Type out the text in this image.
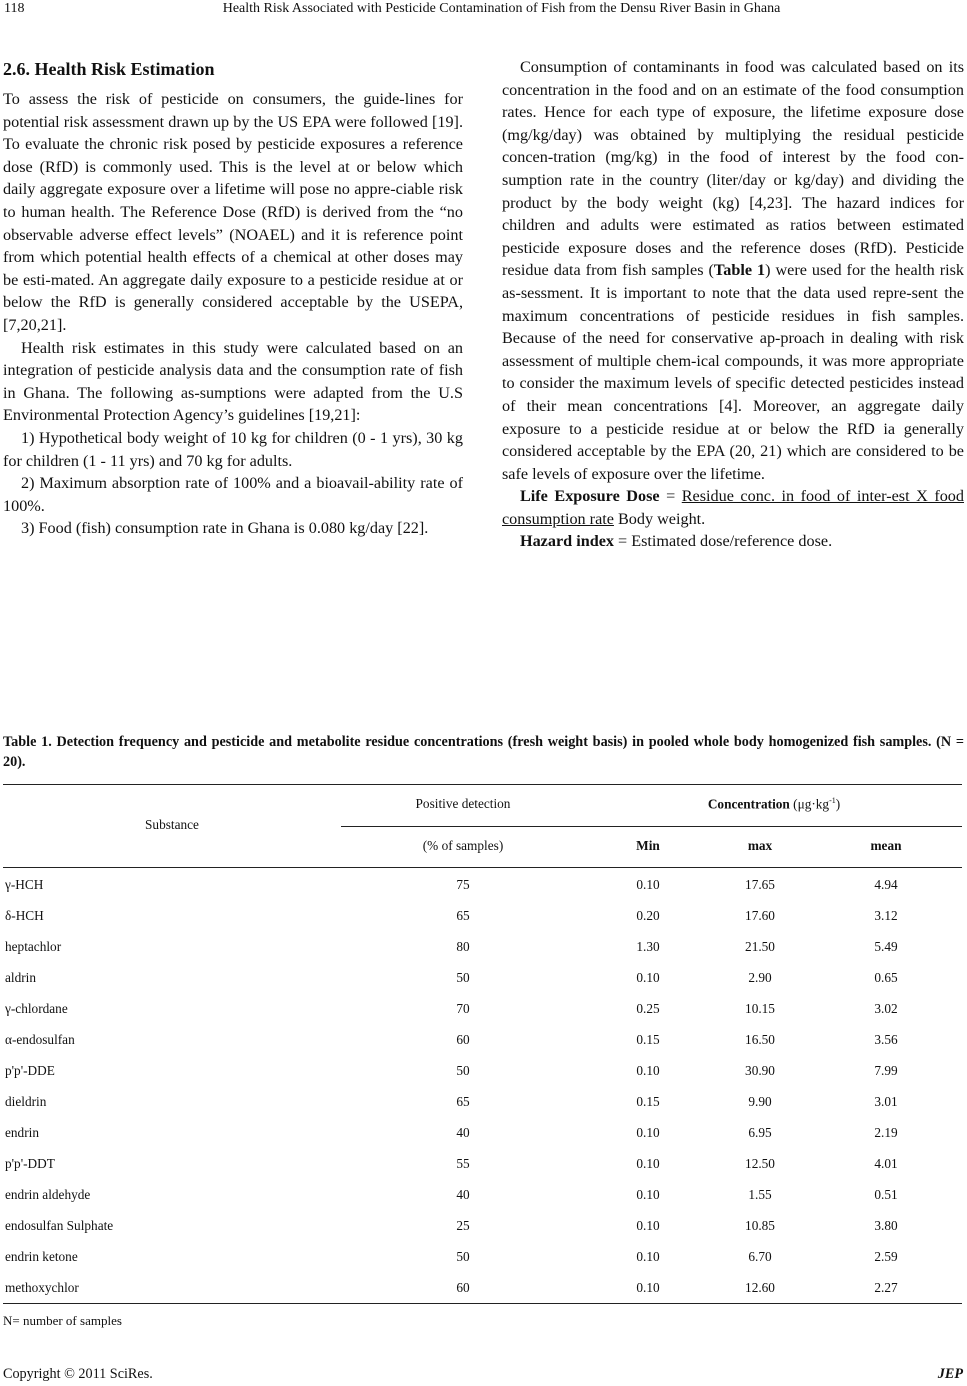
118	Health Risk Associated with Pesticide Contamination of Fish from the Densu River Basin in Ghana
2.6. Health Risk Estimation

To assess the risk of pesticide on consumers, the guide-lines for potential risk assessment drawn up by the US EPA were followed [19]. To evaluate the chronic risk posed by pesticide exposures a reference dose (RfD) is commonly used. This is the level at or below which daily aggregate exposure over a lifetime will pose no appre-ciable risk to human health. The Reference Dose (RfD) is derived from the “no observable adverse effect levels” (NOAEL) and it is reference point from which potential health effects of a chemical at other doses may be esti-mated. An aggregate daily exposure to a pesticide residue at or below the RfD is generally considered acceptable by the USEPA, [7,20,21].

Health risk estimates in this study were calculated based on an integration of pesticide analysis data and the consumption rate of fish in Ghana. The following as-sumptions were adapted from the U.S Environmental Protection Agency’s guidelines [19,21]:

1) Hypothetical body weight of 10 kg for children (0 - 1 yrs), 30 kg for children (1 - 11 yrs) and 70 kg for adults.

2) Maximum absorption rate of 100% and a bioavail-ability rate of 100%.

3) Food (fish) consumption rate in Ghana is 0.080 kg/day [22].

Consumption of contaminants in food was calculated based on its concentration in the food and on an estimate of the food consumption rates. Hence for each type of exposure, the lifetime exposure dose (mg/kg/day) was obtained by multiplying the residual pesticide concen-tration (mg/kg) in the food of interest by the food con-sumption rate in the country (liter/day or kg/day) and dividing the product by the body weight (kg) [4,23]. The hazard indices for children and adults were estimated as ratios between estimated pesticide exposure doses and the reference doses (RfD). Pesticide residue data from fish samples (Table 1) were used for the health risk as-sessment. It is important to note that the data used repre-sent the maximum concentrations of pesticide residues in fish samples. Because of the need for conservative ap-proach in dealing with risk assessment of multiple chem-ical compounds, it was more appropriate to consider the maximum levels of specific detected pesticides instead of their mean concentrations [4]. Moreover, an aggregate daily exposure to a pesticide residue at or below the RfD ia generally considered acceptable by the EPA (20, 21) which are considered to be safe levels of exposure over the lifetime.

Life Exposure Dose = Residue conc. in food of inter-est X food consumption rate Body weight.

Hazard index = Estimated dose/reference dose.

Table 1. Detection frequency and pesticide and metabolite residue concentrations (fresh weight basis) in pooled whole body homogenized fish samples. (N = 20).
Substance
Positive detection
(% of samples)
Concentration $(\mu g\cdot kg^{-1})$
Min	max	mean
γ-HCH	75	0.10	17.65	4.94
δ-HCH	65	0.20	17.60	3.12
heptachlor	80	1.30	21.50	5.49
aldrin	50	0.10	2.90	0.65
γ-chlordane	70	0.25	10.15	3.02
α-endosulfan	60	0.15	16.50	3.56
p'p'-DDE	50	0.10	30.90	7.99
dieldrin	65	0.15	9.90	3.01
endrin	40	0.10	6.95	2.19
p'p'-DDT	55	0.10	12.50	4.01
endrin aldehyde	40	0.10	1.55	0.51
endosulfan Sulphate	25	0.10	10.85	3.80
endrin ketone	50	0.10	6.70	2.59
methoxychlor	60	0.10	12.60	2.27
N= number of samples
Copyright © 2011 SciRes.	JEP
